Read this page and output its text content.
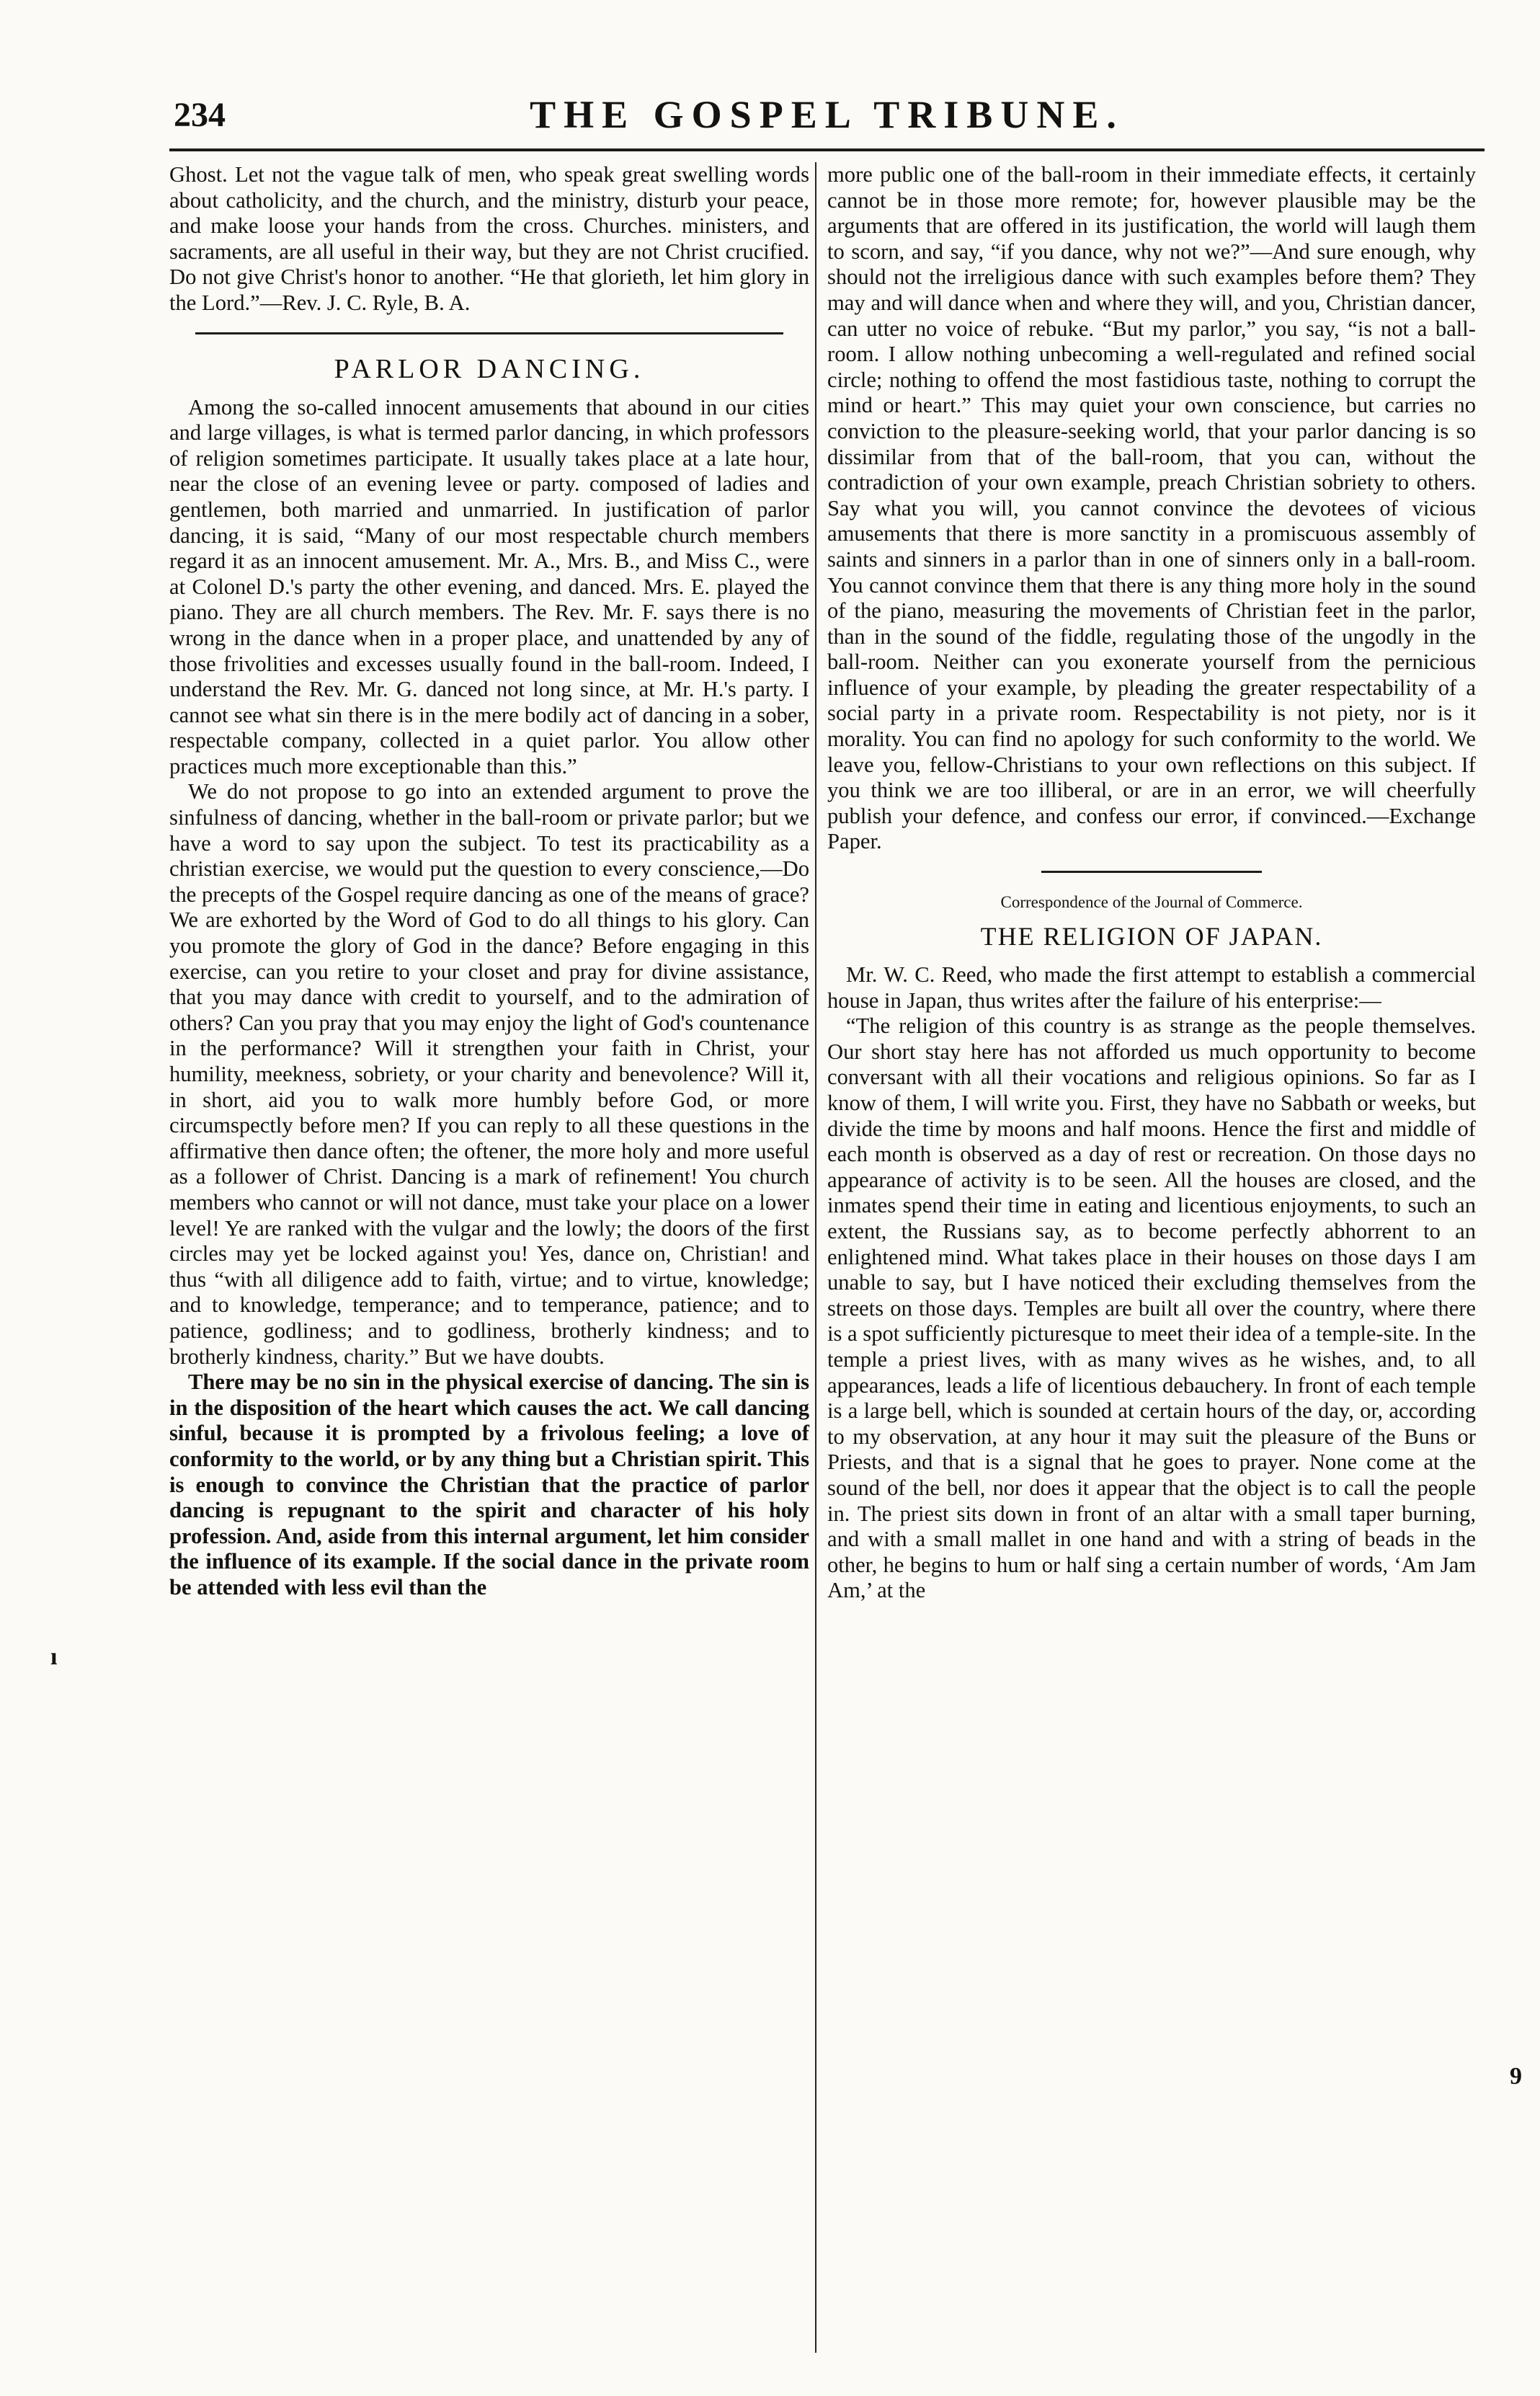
234	THE GOSPEL TRIBUNE.

Ghost. Let not the vague talk of men, who speak great swelling words about catholicity, and the church, and the ministry, disturb your peace, and make loose your hands from the cross. Churches. ministers, and sacraments, are all useful in their way, but they are not Christ crucified. Do not give Christ's honor to another. “He that glorieth, let him glory in the Lord.”—Rev. J. C. Ryle, B. A.

PARLOR DANCING.

Among the so-called innocent amusements that abound in our cities and large villages, is what is termed parlor dancing, in which professors of religion sometimes participate. It usually takes place at a late hour, near the close of an evening levee or party. composed of ladies and gentlemen, both married and unmarried. In justification of parlor dancing, it is said, “Many of our most respectable church members regard it as an innocent amusement. Mr. A., Mrs. B., and Miss C., were at Colonel D.'s party the other evening, and danced. Mrs. E. played the piano. They are all church members. The Rev. Mr. F. says there is no wrong in the dance when in a proper place, and unattended by any of those frivolities and excesses usually found in the ball-room. Indeed, I understand the Rev. Mr. G. danced not long since, at Mr. H.'s party. I cannot see what sin there is in the mere bodily act of dancing in a sober, respectable company, collected in a quiet parlor. You allow other practices much more exceptionable than this.”

We do not propose to go into an extended argument to prove the sinfulness of dancing, whether in the ball-room or private parlor; but we have a word to say upon the subject. To test its practicability as a christian exercise, we would put the question to every conscience,—Do the precepts of the Gospel require dancing as one of the means of grace? We are exhorted by the Word of God to do all things to his glory. Can you promote the glory of God in the dance? Before engaging in this exercise, can you retire to your closet and pray for divine assistance, that you may dance with credit to yourself, and to the admiration of others? Can you pray that you may enjoy the light of God's countenance in the performance? Will it strengthen your faith in Christ, your humility, meekness, sobriety, or your charity and benevolence? Will it, in short, aid you to walk more humbly before God, or more circumspectly before men? If you can reply to all these questions in the affirmative then dance often; the oftener, the more holy and more useful as a follower of Christ. Dancing is a mark of refinement! You church members who cannot or will not dance, must take your place on a lower level! Ye are ranked with the vulgar and the lowly; the doors of the first circles may yet be locked against you! Yes, dance on, Christian! and thus “with all diligence add to faith, virtue; and to virtue, knowledge; and to knowledge, temperance; and to temperance, patience; and to patience, godliness; and to godliness, brotherly kindness; and to brotherly kindness, charity.” But we have doubts.

There may be no sin in the physical exercise of dancing. The sin is in the disposition of the heart which causes the act. We call dancing sinful, because it is prompted by a frivolous feeling; a love of conformity to the world, or by any thing but a Christian spirit. This is enough to convince the Christian that the practice of parlor dancing is repugnant to the spirit and character of his holy profession. And, aside from this internal argument, let him consider the influence of its example. If the social dance in the private room be attended with less evil than the

more public one of the ball-room in their immediate effects, it certainly cannot be in those more remote; for, however plausible may be the arguments that are offered in its justification, the world will laugh them to scorn, and say, “if you dance, why not we?”—And sure enough, why should not the irreligious dance with such examples before them? They may and will dance when and where they will, and you, Christian dancer, can utter no voice of rebuke. “But my parlor,” you say, “is not a ball-room. I allow nothing unbecoming a well-regulated and refined social circle; nothing to offend the most fastidious taste, nothing to corrupt the mind or heart.” This may quiet your own conscience, but carries no conviction to the pleasure-seeking world, that your parlor dancing is so dissimilar from that of the ball-room, that you can, without the contradiction of your own example, preach Christian sobriety to others. Say what you will, you cannot convince the devotees of vicious amusements that there is more sanctity in a promiscuous assembly of saints and sinners in a parlor than in one of sinners only in a ball-room. You cannot convince them that there is any thing more holy in the sound of the piano, measuring the movements of Christian feet in the parlor, than in the sound of the fiddle, regulating those of the ungodly in the ball-room. Neither can you exonerate yourself from the pernicious influence of your example, by pleading the greater respectability of a social party in a private room. Respectability is not piety, nor is it morality. You can find no apology for such conformity to the world. We leave you, fellow-Christians to your own reflections on this subject. If you think we are too illiberal, or are in an error, we will cheerfully publish your defence, and confess our error, if convinced.—Exchange Paper.

Correspondence of the Journal of Commerce.
THE RELIGION OF JAPAN.

Mr. W. C. Reed, who made the first attempt to establish a commercial house in Japan, thus writes after the failure of his enterprise:—

“The religion of this country is as strange as the people themselves. Our short stay here has not afforded us much opportunity to become conversant with all their vocations and religious opinions. So far as I know of them, I will write you. First, they have no Sabbath or weeks, but divide the time by moons and half moons. Hence the first and middle of each month is observed as a day of rest or recreation. On those days no appearance of activity is to be seen. All the houses are closed, and the inmates spend their time in eating and licentious enjoyments, to such an extent, the Russians say, as to become perfectly abhorrent to an enlightened mind. What takes place in their houses on those days I am unable to say, but I have noticed their excluding themselves from the streets on those days. Temples are built all over the country, where there is a spot sufficiently picturesque to meet their idea of a temple-site. In the temple a priest lives, with as many wives as he wishes, and, to all appearances, leads a life of licentious debauchery. In front of each temple is a large bell, which is sounded at certain hours of the day, or, according to my observation, at any hour it may suit the pleasure of the Buns or Priests, and that is a signal that he goes to prayer. None come at the sound of the bell, nor does it appear that the object is to call the people in. The priest sits down in front of an altar with a small taper burning, and with a small mallet in one hand and with a string of beads in the other, he begins to hum or half sing a certain number of words, ‘Am Jam Am,’ at the

ı
9
